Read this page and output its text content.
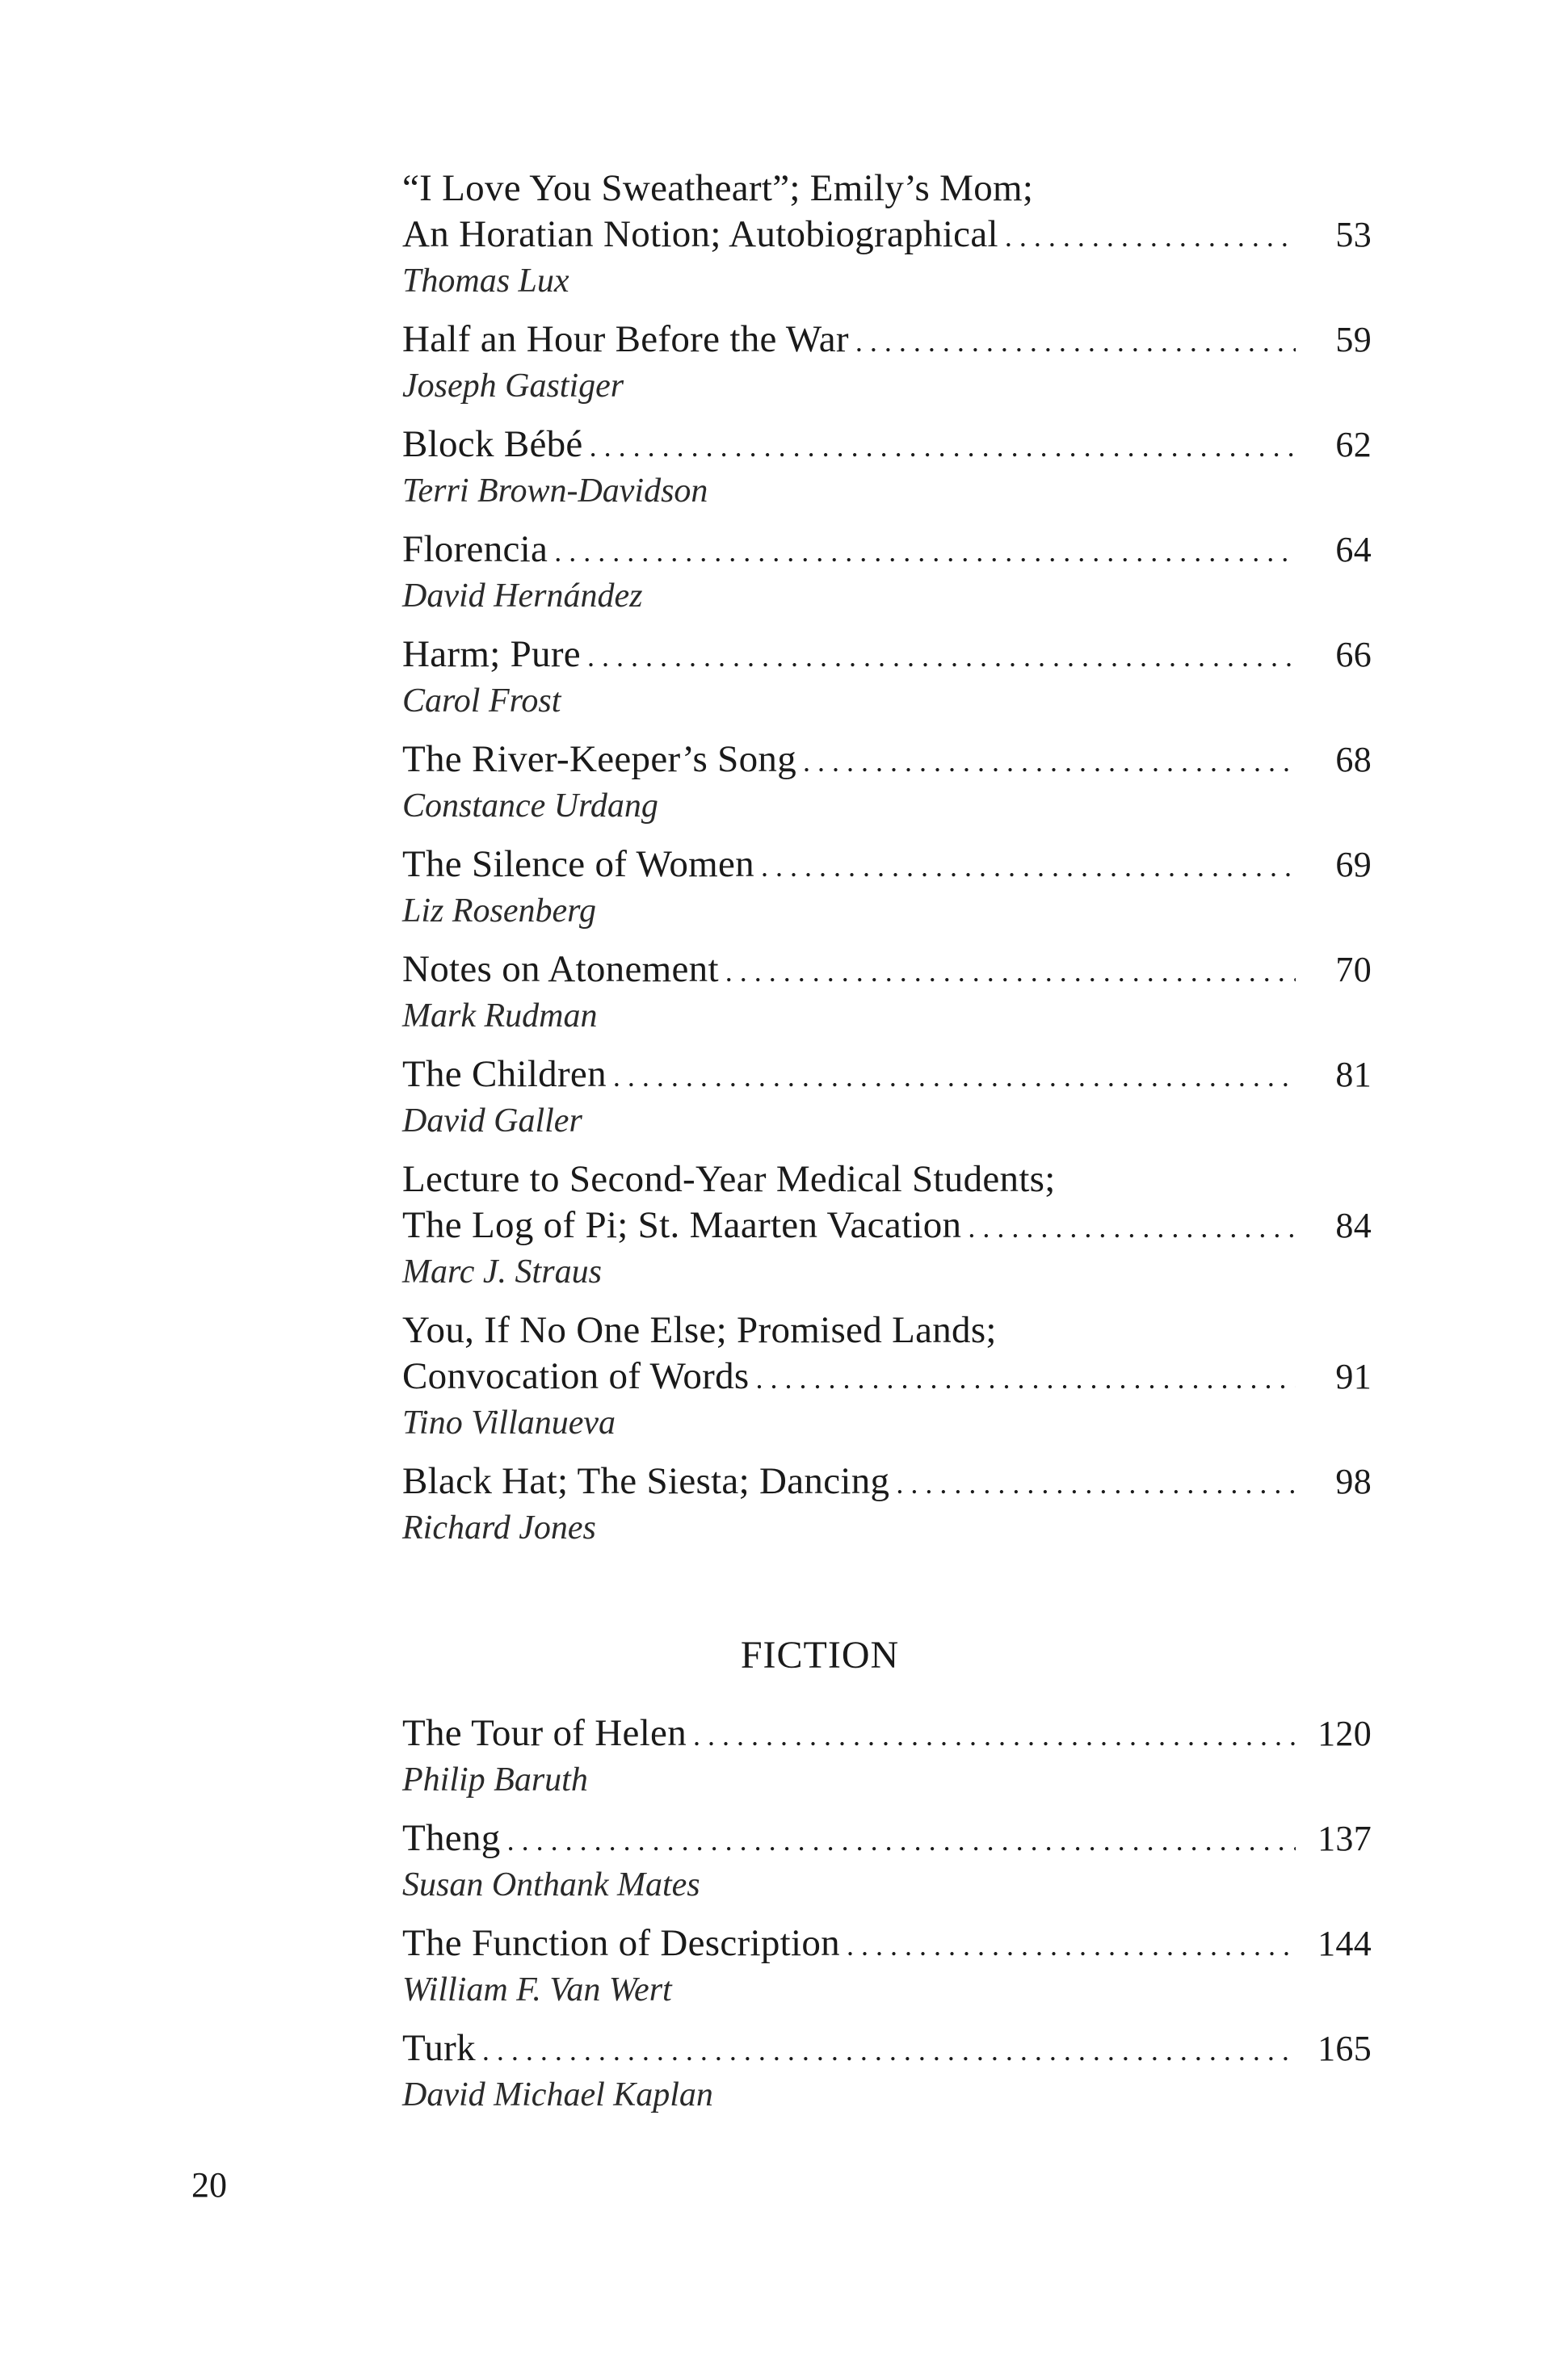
“I Love You Sweatheart”; Emily’s Mom;
An Horatian Notion; Autobiographical . . .	53
Thomas Lux
Half an Hour Before the War . . .	59
Joseph Gastiger
Block Bébé . . .	62
Terri Brown-Davidson
Florencia . . .	64
David Hernández
Harm; Pure . . .	66
Carol Frost
The River-Keeper’s Song . . .	68
Constance Urdang
The Silence of Women . . .	69
Liz Rosenberg
Notes on Atonement . . .	70
Mark Rudman
The Children . . .	81
David Galler
Lecture to Second-Year Medical Students;
The Log of Pi; St. Maarten Vacation . . .	84
Marc J. Straus
You, If No One Else; Promised Lands;
Convocation of Words . . .	91
Tino Villanueva
Black Hat; The Siesta; Dancing . . .	98
Richard Jones
FICTION
The Tour of Helen . . .	120
Philip Baruth
Theng . . .	137
Susan Onthank Mates
The Function of Description . . .	144
William F. Van Wert
Turk . . .	165
David Michael Kaplan
20
